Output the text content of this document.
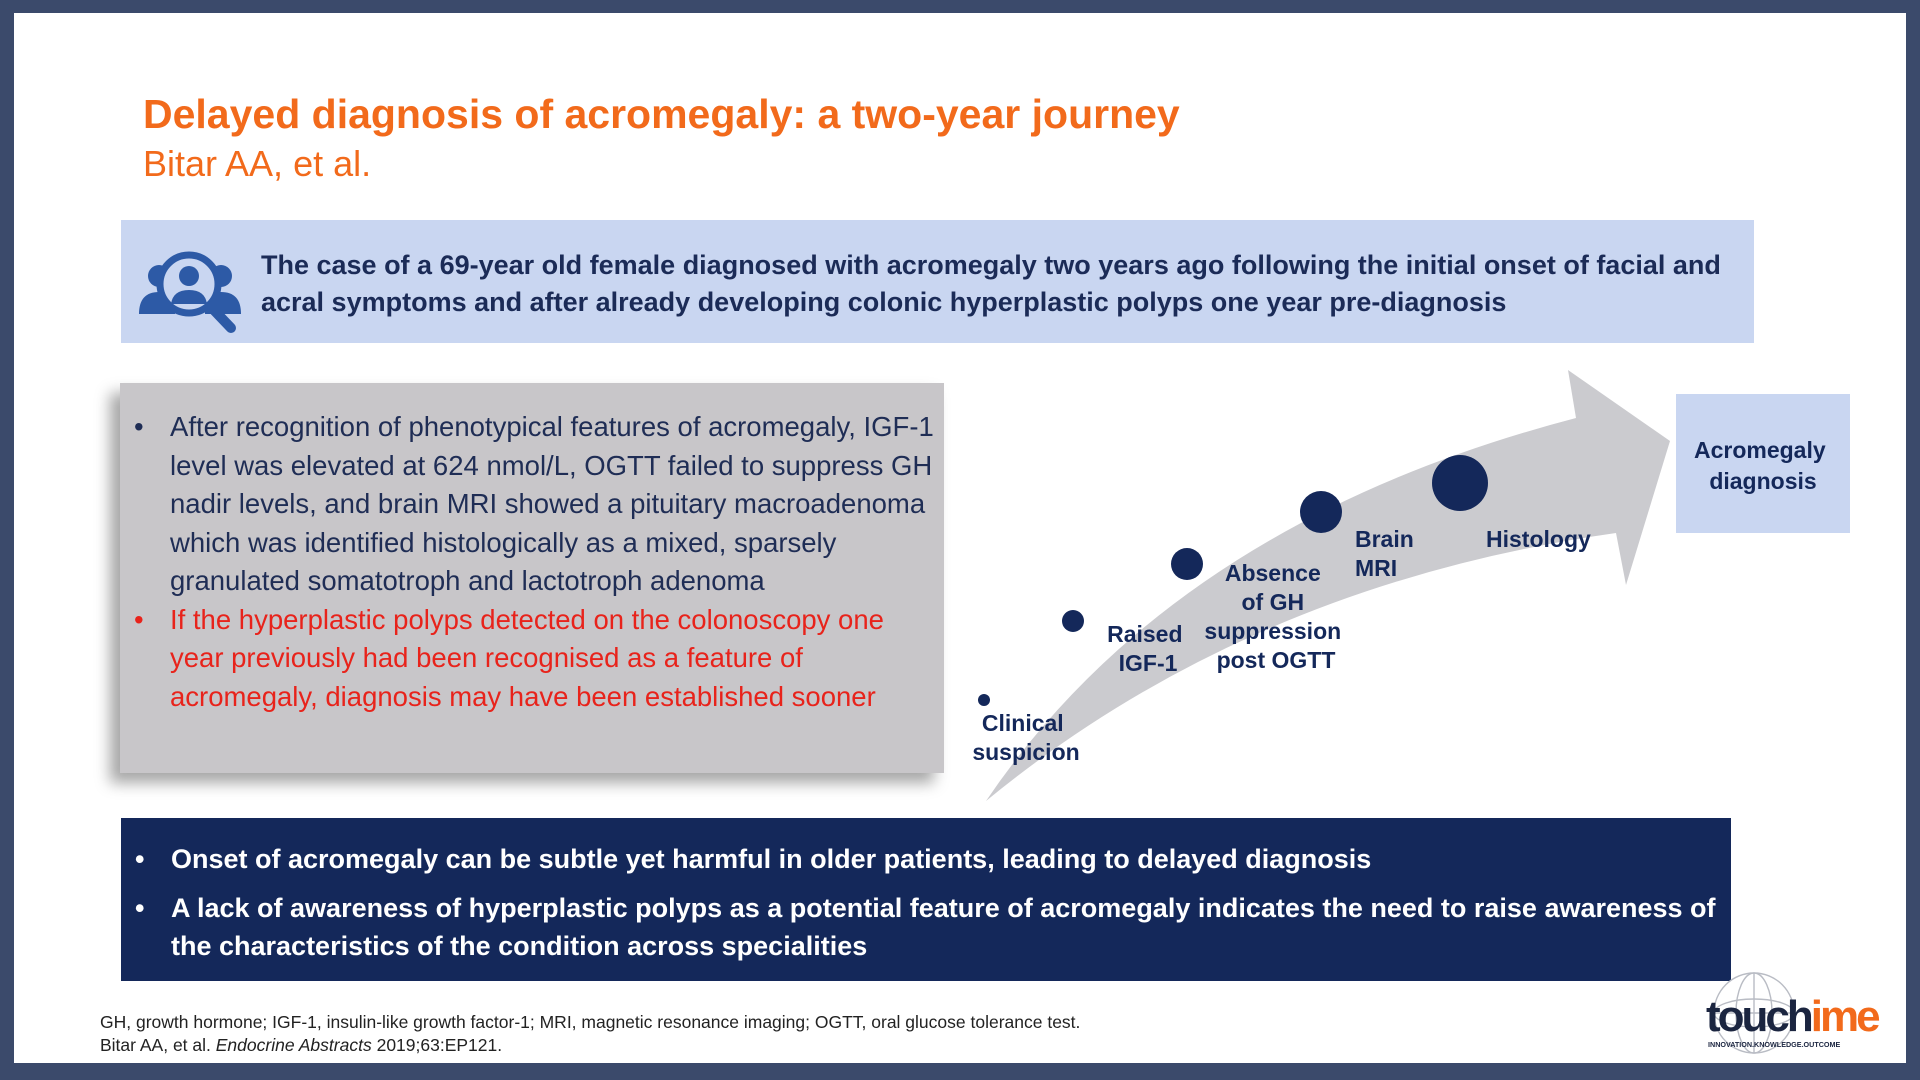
Delayed diagnosis of acromegaly: a two-year journey
Bitar AA, et al.
The case of a 69-year old female diagnosed with acromegaly two years ago following the initial onset of facial and acral symptoms and after already developing colonic hyperplastic polyps one year pre-diagnosis
• After recognition of phenotypical features of acromegaly, IGF-1 level was elevated at 624 nmol/L, OGTT failed to suppress GH nadir levels, and brain MRI showed a pituitary macroadenoma which was identified histologically as a mixed, sparsely granulated somatotroph and lactotroph adenoma
• If the hyperplastic polyps detected on the colonoscopy one year previously had been recognised as a feature of acromegaly, diagnosis may have been established sooner
Clinical suspicion
Raised IGF-1
Absence of GH suppression post OGTT
Brain MRI
Histology
Acromegaly diagnosis
• Onset of acromegaly can be subtle yet harmful in older patients, leading to delayed diagnosis
• A lack of awareness of hyperplastic polyps as a potential feature of acromegaly indicates the need to raise awareness of the characteristics of the condition across specialities
GH, growth hormone; IGF-1, insulin-like growth factor-1; MRI, magnetic resonance imaging; OGTT, oral glucose tolerance test.
Bitar AA, et al. Endocrine Abstracts 2019;63:EP121.
touchime
INNOVATION.KNOWLEDGE.OUTCOME
